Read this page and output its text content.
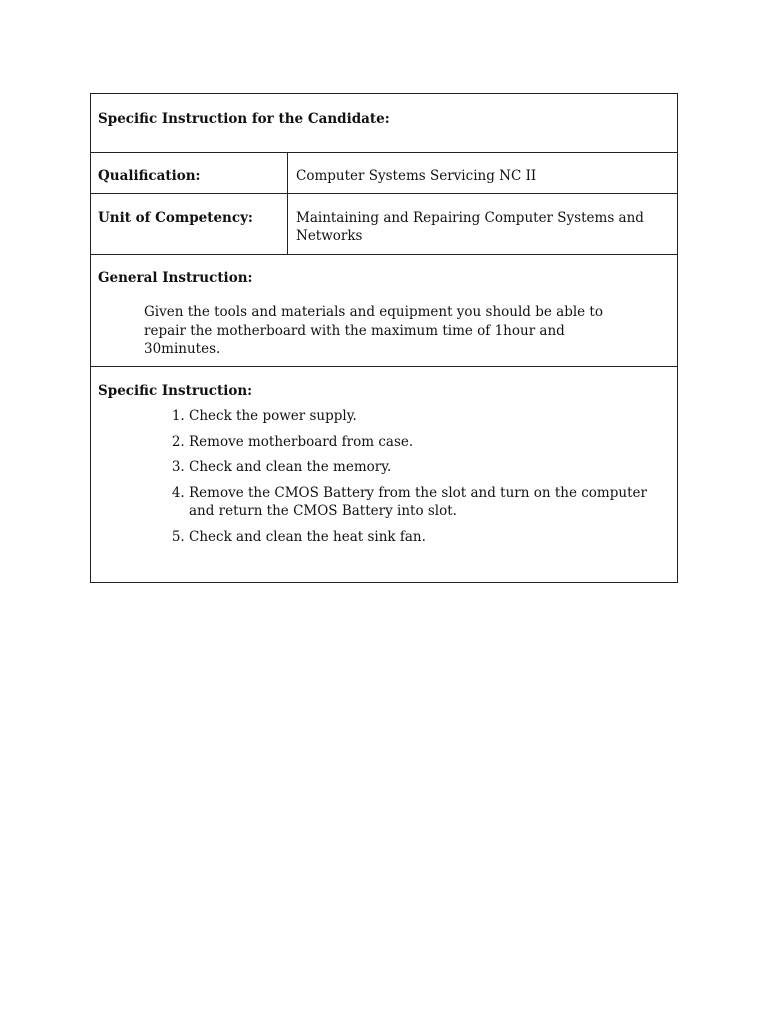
Specific Instruction for the Candidate:
Qualification:	Computer Systems Servicing NC II
Unit of Competency:	Maintaining and Repairing Computer Systems and Networks
General Instruction:
Given the tools and materials and equipment you should be able to repair the motherboard with the maximum time of 1hour and 30minutes.
Specific Instruction:
1. Check the power supply.
2. Remove motherboard from case.
3. Check and clean the memory.
4. Remove the CMOS Battery from the slot and turn on the computer and return the CMOS Battery into slot.
5. Check and clean the heat sink fan.
